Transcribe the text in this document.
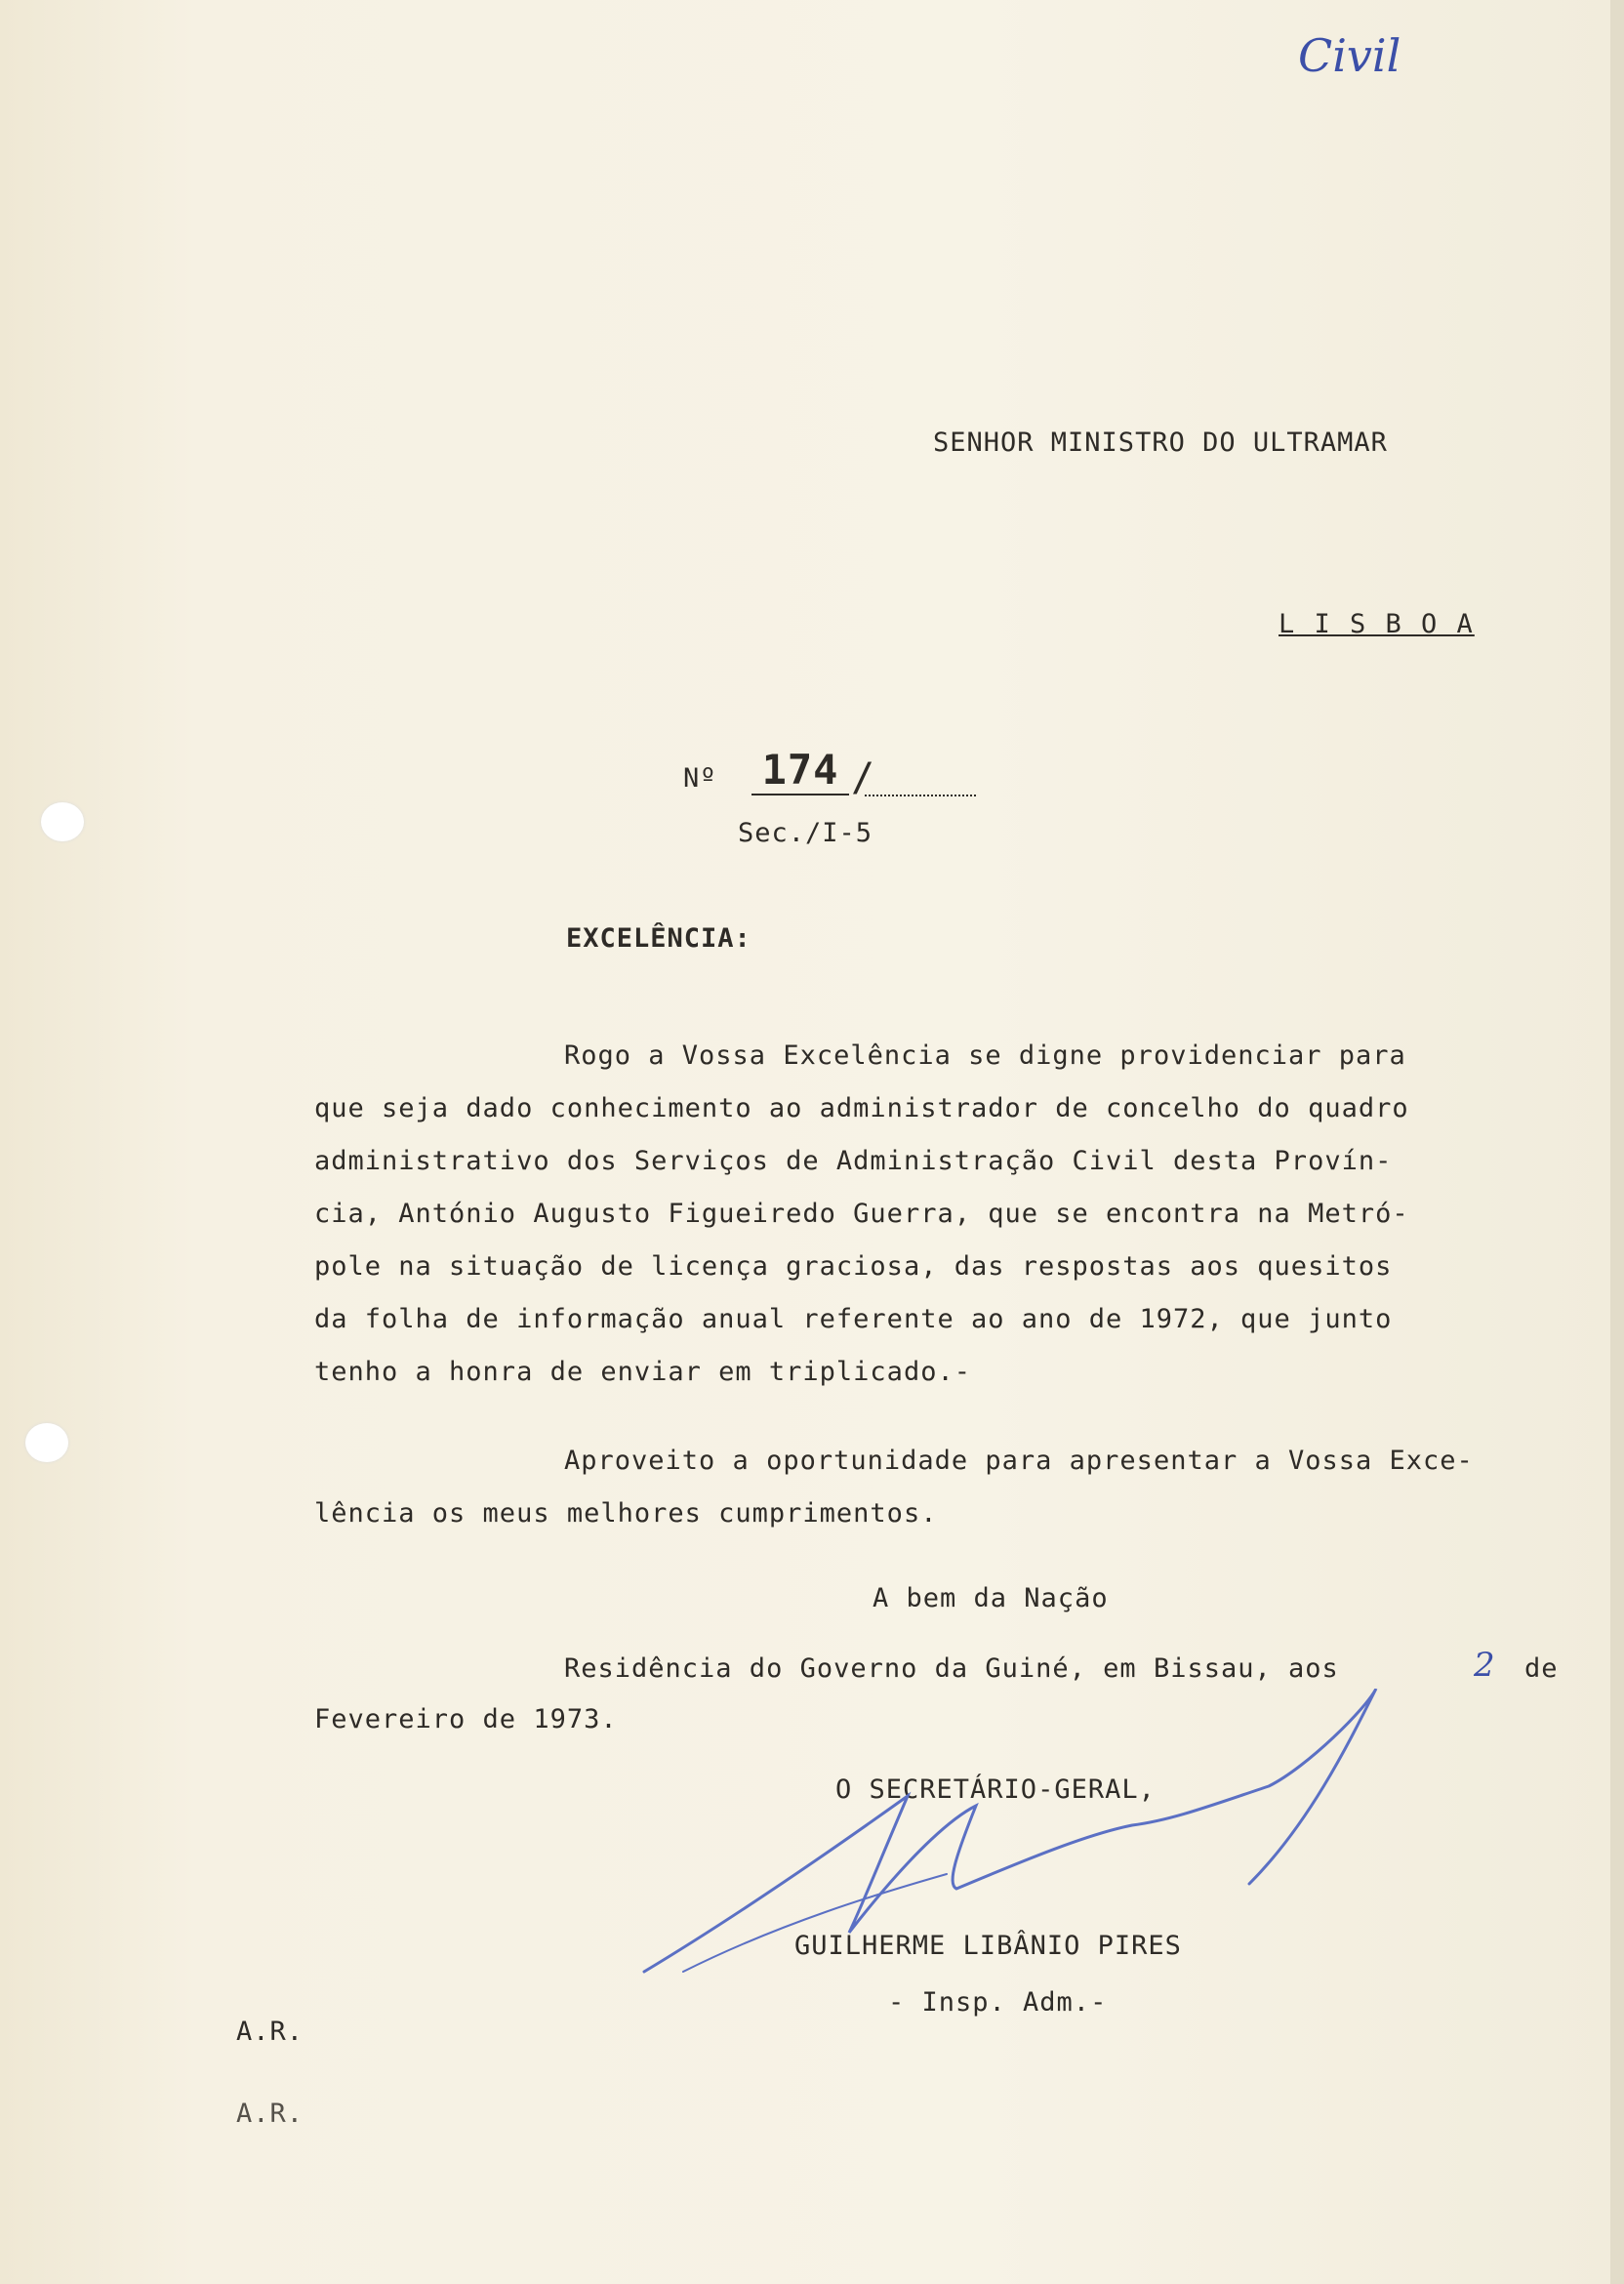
Civil
SENHOR MINISTRO DO ULTRAMAR
L I S B O A
Nº 174 /
Sec./I-5
EXCELÊNCIA:
Rogo a Vossa Excelência se digne providenciar para
que seja dado conhecimento ao administrador de concelho do quadro
administrativo dos Serviços de Administração Civil desta Provín-
cia, António Augusto Figueiredo Guerra, que se encontra na Metró-
pole na situação de licença graciosa, das respostas aos quesitos
da folha de informação anual referente ao ano de 1972, que junto
tenho a honra de enviar em triplicado.-
Aproveito a oportunidade para apresentar a Vossa Exce-
lência os meus melhores cumprimentos.
A bem da Nação
Residência do Governo da Guiné, em Bissau, aos	2 de
Fevereiro de 1973.
O SECRETÁRIO-GERAL,
GUILHERME LIBÂNIO PIRES
- Insp. Adm.-
A.R.
A.R.
